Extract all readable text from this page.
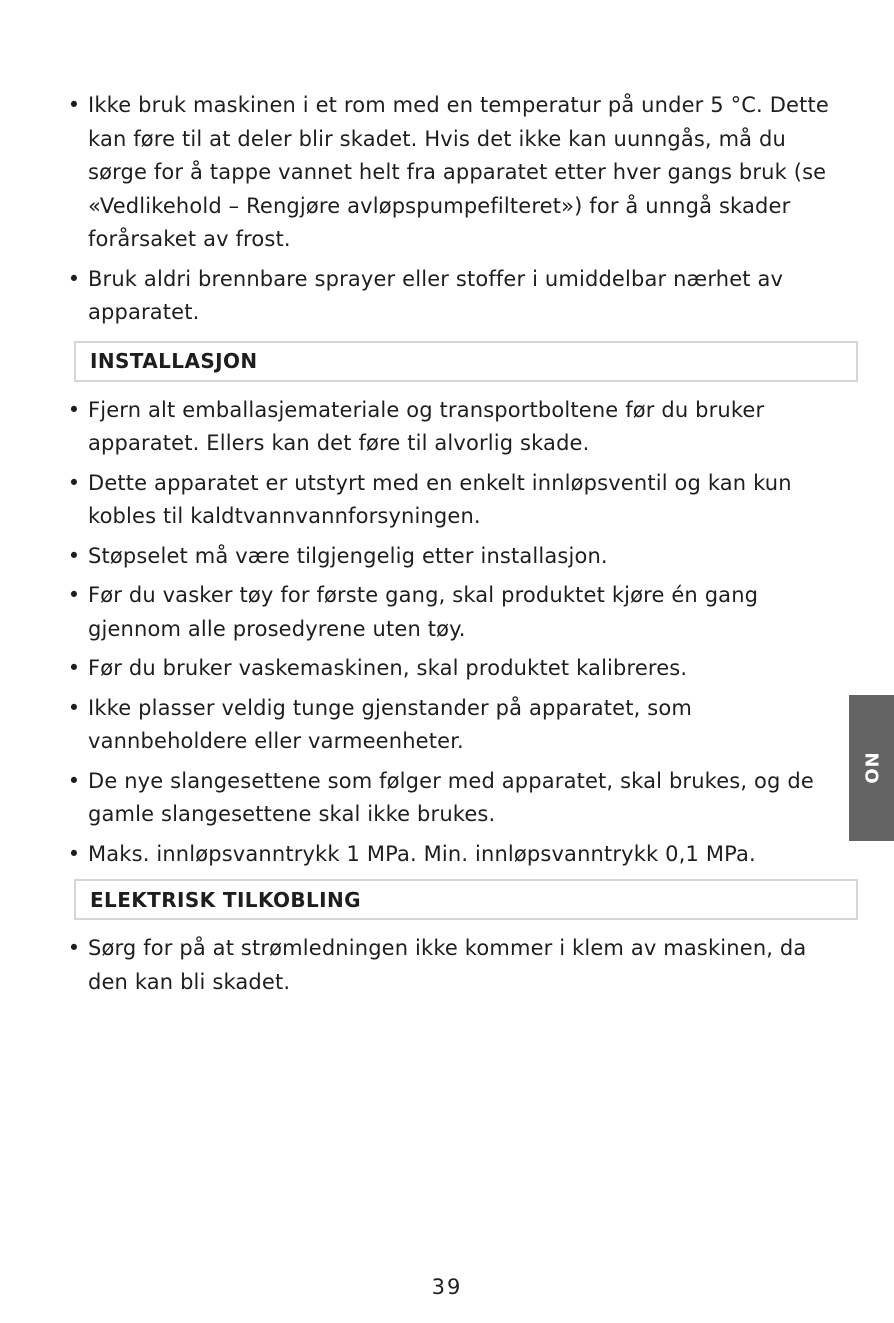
• Ikke bruk maskinen i et rom med en temperatur på under 5 °C. Dette kan føre til at deler blir skadet. Hvis det ikke kan uunngås, må du sørge for å tappe vannet helt fra apparatet etter hver gangs bruk (se «Vedlikehold – Rengjøre avløpspumpefilteret») for å unngå skader forårsaket av frost.
• Bruk aldri brennbare sprayer eller stoffer i umiddelbar nærhet av apparatet.
INSTALLASJON
• Fjern alt emballasjemateriale og transportboltene før du bruker apparatet. Ellers kan det føre til alvorlig skade.
• Dette apparatet er utstyrt med en enkelt innløpsventil og kan kun kobles til kaldtvannvannforsyningen.
• Støpselet må være tilgjengelig etter installasjon.
• Før du vasker tøy for første gang, skal produktet kjøre én gang gjennom alle prosedyrene uten tøy.
• Før du bruker vaskemaskinen, skal produktet kalibreres.
• Ikke plasser veldig tunge gjenstander på apparatet, som vannbeholdere eller varmeenheter.
• De nye slangesettene som følger med apparatet, skal brukes, og de gamle slangesettene skal ikke brukes.
• Maks. innløpsvanntrykk 1 MPa. Min. innløpsvanntrykk 0,1 MPa.
ELEKTRISK TILKOBLING
• Sørg for på at strømledningen ikke kommer i klem av maskinen, da den kan bli skadet.
NO
39
